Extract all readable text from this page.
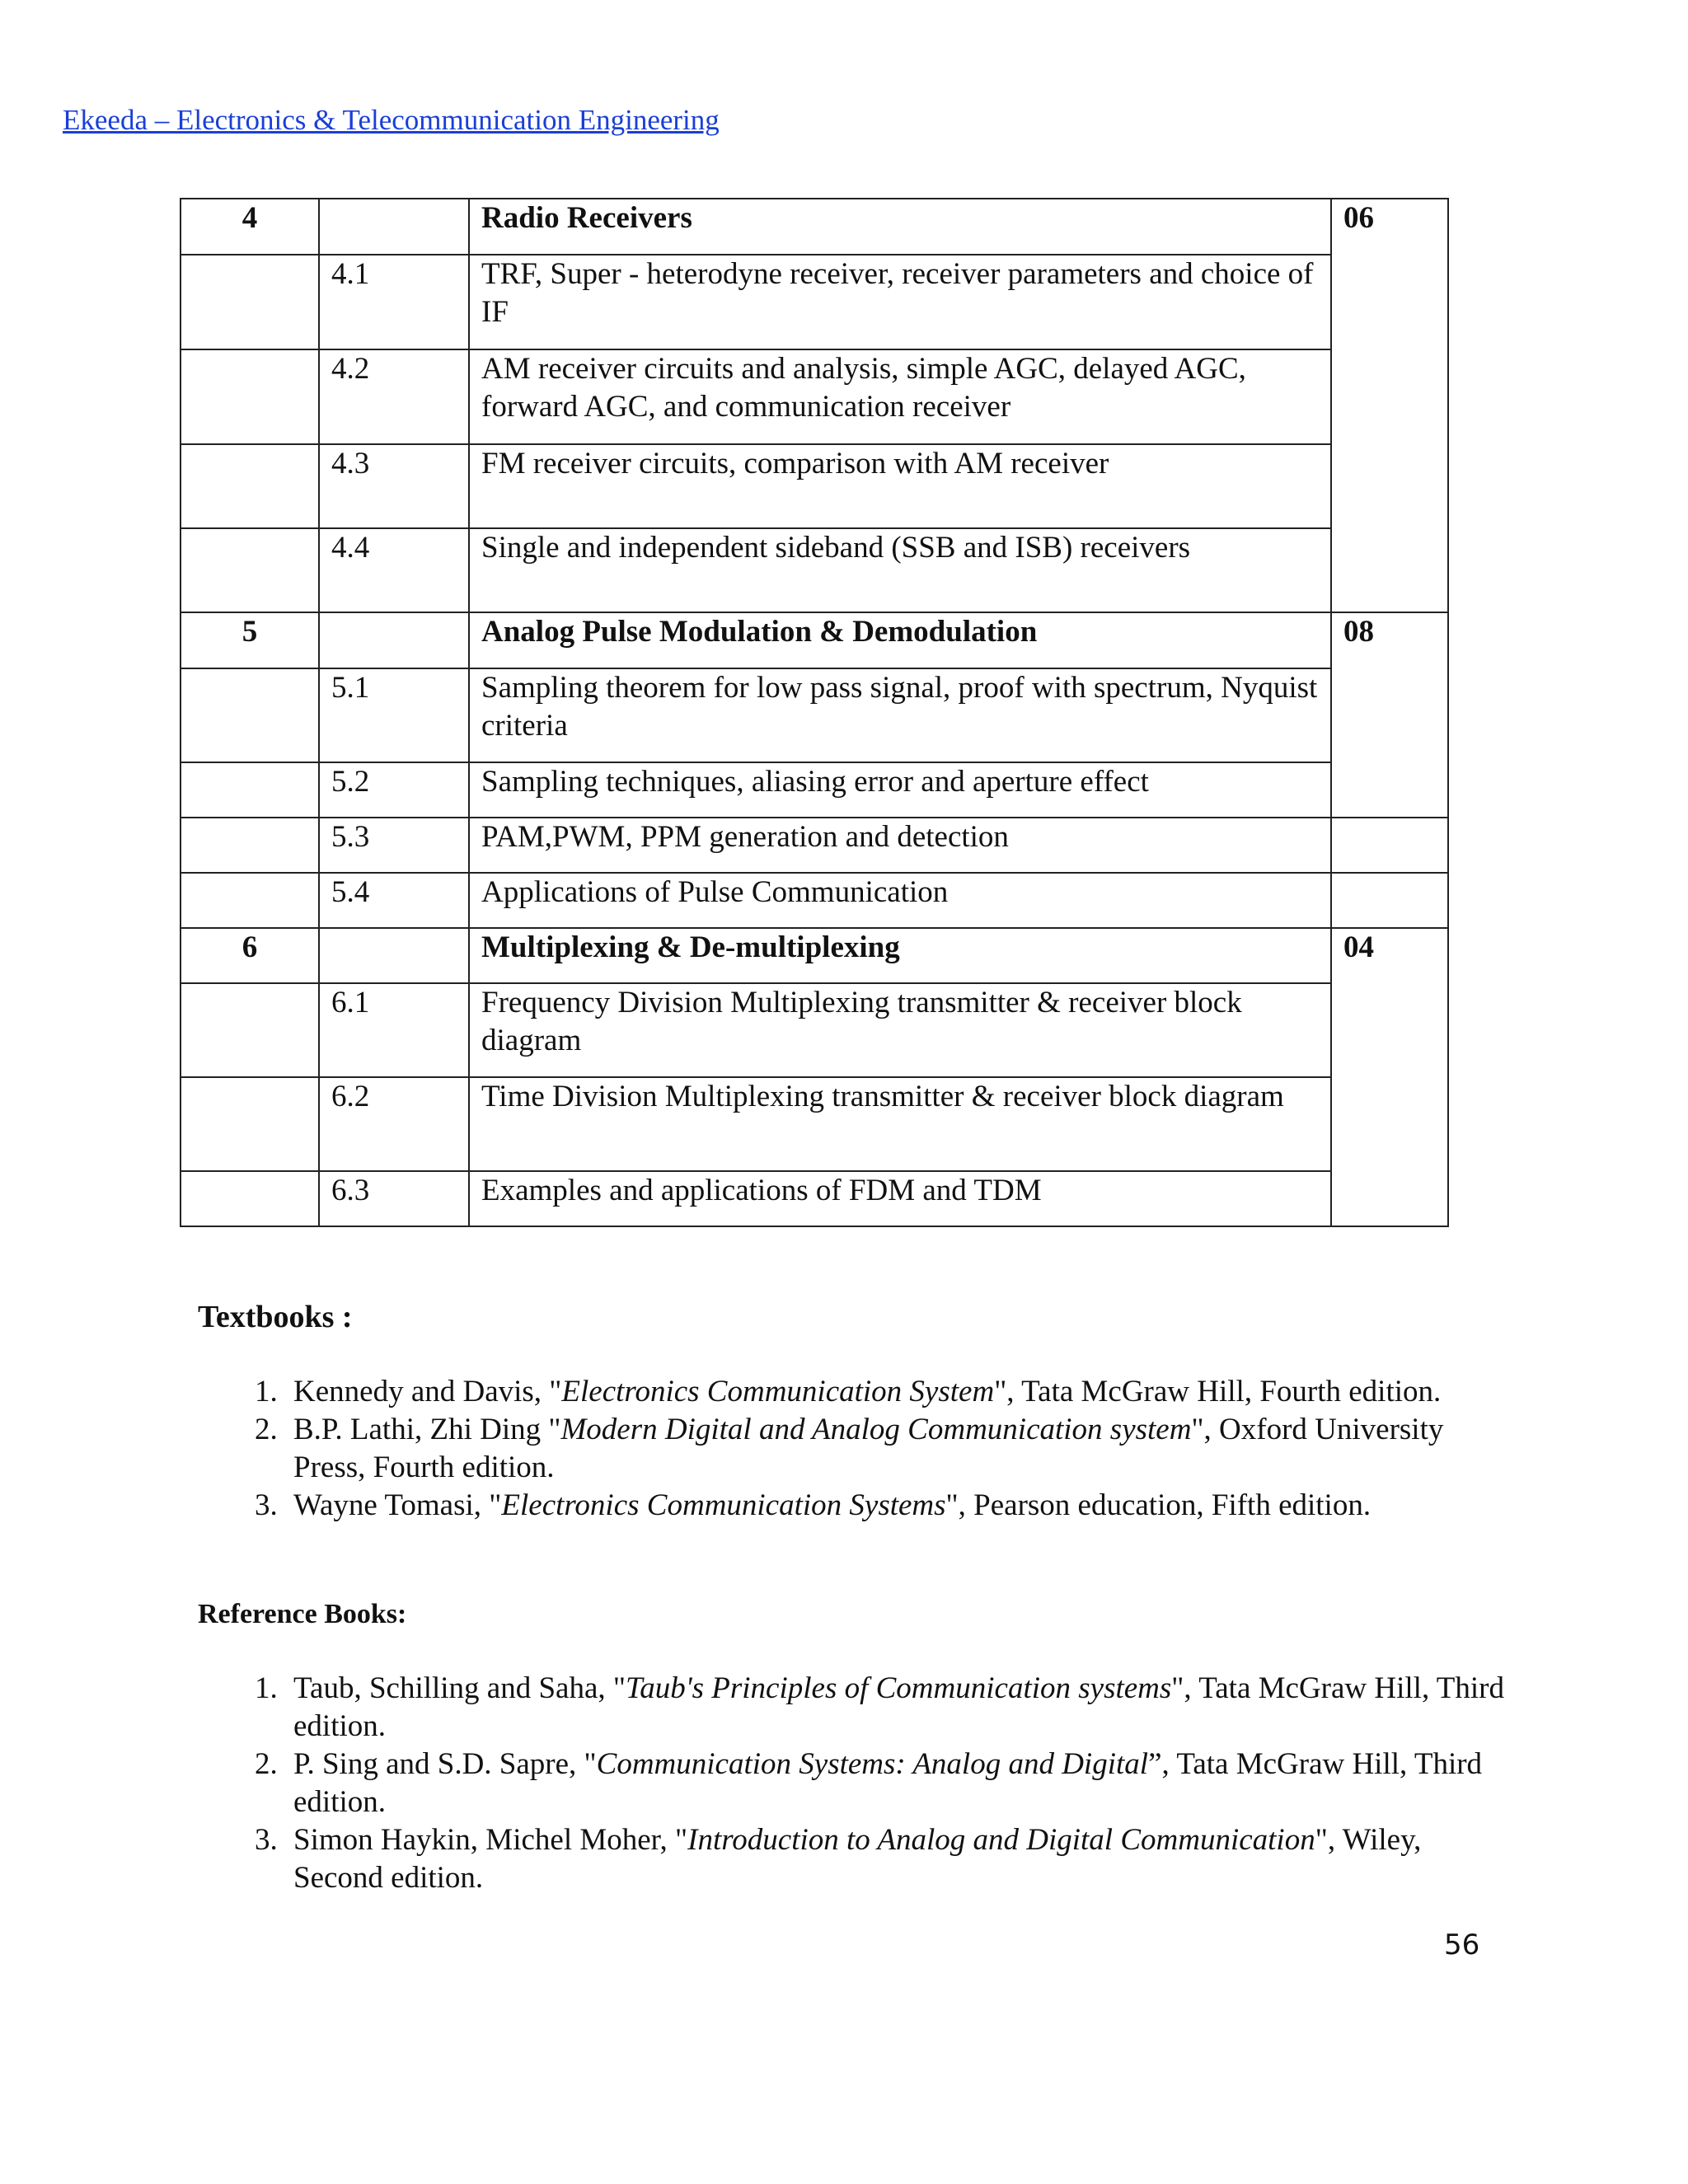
Ekeeda – Electronics & Telecommunication Engineering
4		Radio Receivers	06
	4.1	TRF, Super - heterodyne receiver, receiver parameters and choice of IF	
	4.2	AM receiver circuits and analysis, simple AGC, delayed AGC, forward AGC, and communication receiver	
	4.3	FM receiver circuits, comparison with AM receiver	
	4.4	Single and independent sideband (SSB and ISB) receivers	
5		Analog Pulse Modulation & Demodulation	08
	5.1	Sampling theorem for low pass signal, proof with spectrum, Nyquist criteria	
	5.2	Sampling techniques, aliasing error and aperture effect	
	5.3	PAM,PWM, PPM generation and detection	
	5.4	Applications of Pulse Communication	
6		Multiplexing & De-multiplexing	04
	6.1	Frequency Division Multiplexing transmitter & receiver block diagram	
	6.2	Time Division Multiplexing transmitter & receiver block diagram	
	6.3	Examples and applications of FDM and TDM	
Textbooks :
1. Kennedy and Davis, "Electronics Communication System", Tata McGraw Hill, Fourth edition.
2. B.P. Lathi, Zhi Ding "Modern Digital and Analog Communication system", Oxford University Press, Fourth edition.
3. Wayne Tomasi, "Electronics Communication Systems", Pearson education, Fifth edition.
Reference Books:
1. Taub, Schilling and Saha, "Taub's Principles of Communication systems", Tata McGraw Hill, Third edition.
2. P. Sing and S.D. Sapre, "Communication Systems: Analog and Digital”, Tata McGraw Hill, Third edition.
3. Simon Haykin, Michel Moher, "Introduction to Analog and Digital Communication", Wiley, Second edition.
56
